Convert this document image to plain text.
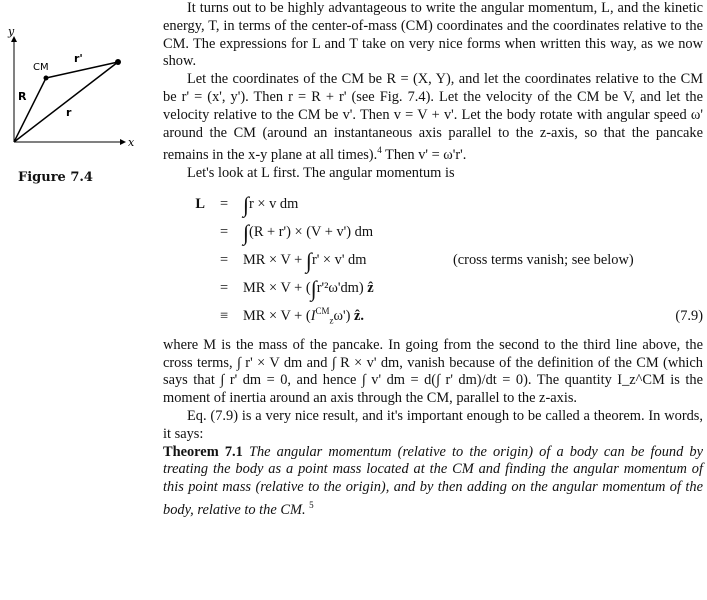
x
y
CM
R
r'
r
Figure 7.4

It turns out to be highly advantageous to write the angular momentum, L, and the kinetic energy, T, in terms of the center-of-mass (CM) coordinates and the coordinates relative to the CM. The expressions for L and T take on very nice forms when written this way, as we now show.

Let the coordinates of the CM be R = (X, Y), and let the coordinates relative to the CM be r' = (x', y'). Then r = R + r' (see Fig. 7.4). Let the velocity of the CM be V, and let the velocity relative to the CM be v'. Then v = V + v'. Let the body rotate with angular speed ω' around the CM (around an instantaneous axis parallel to the z-axis, so that the pancake remains in the x-y plane at all times).$^4$ Then v' = ω'r'.

Let's look at L first. The angular momentum is

L	= ∫r × v dm
= ∫(R + r') × (V + v') dm
=	MR × V + ∫r' × v' dm	(cross terms vanish; see below)
=	MR × V + (∫r'²ω'dm) ẑ
≡	MR × $V + (I^{CM}_z\omega')$ ẑ.	(7.9)

where M is the mass of the pancake. In going from the second to the third line above, the cross terms, ∫ r' × V dm and ∫ R × v' dm, vanish because of the definition of the CM (which says that ∫ r' dm = 0, and hence ∫ v' dm = d(∫ r' dm)/dt = 0). The quantity I_z^CM is the moment of inertia around an axis through the CM, parallel to the z-axis.

Eq. (7.9) is a very nice result, and it's important enough to be called a theorem. In words, it says:

Theorem 7.1 The angular momentum (relative to the origin) of a body can be found by treating the body as a point mass located at the CM and finding the angular momentum of this point mass (relative to the origin), and by then adding on the angular momentum of the body, relative to the CM. $^5$
